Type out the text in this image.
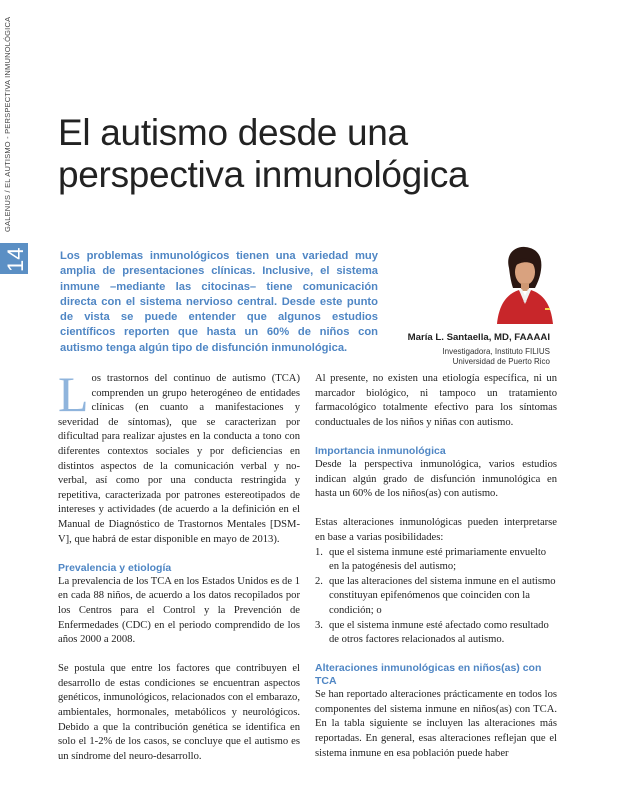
GALENUS / EL AUTISMO - PERSPECTIVA INMUNOLÓGICA
14
El autismo desde una
perspectiva inmunológica

Los problemas inmunológicos tienen una variedad muy amplia de presentaciones clínicas. Inclusive, el sistema inmune –mediante las citocinas– tiene comunicación directa con el sistema nervioso central. Desde este punto de vista se puede entender que algunos estudios científicos reporten que hasta un 60% de niños con autismo tenga algún tipo de disfunción inmunológica.

María L. Santaella, MD, FAAAAI
Investigadora, Instituto FILIUS
Universidad de Puerto Rico

Los trastornos del continuo de autismo (TCA) comprenden un grupo heterogéneo de entidades clínicas (en cuanto a manifestaciones y severidad de síntomas), que se caracterizan por dificultad para realizar ajustes en la conducta a tono con diferentes contextos sociales y por deficiencias en distintos aspectos de la comunicación verbal y no-verbal, así como por una conducta restringida y repetitiva, caracterizada por patrones estereotipados de intereses y actividades (de acuerdo a la definición en el Manual de Diagnóstico de Trastornos Mentales [DSM-V], que habrá de estar disponible en mayo de 2013).

Prevalencia y etiología

La prevalencia de los TCA en los Estados Unidos es de 1 en cada 88 niños, de acuerdo a los datos recopilados por los Centros para el Control y la Prevención de Enfermedades (CDC) en el periodo comprendido de los años 2000 a 2008.

Se postula que entre los factores que contribuyen el desarrollo de estas condiciones se encuentran aspectos genéticos, inmunológicos, relacionados con el embarazo, ambientales, hormonales, metabólicos y neurológicos. Debido a que la contribución genética se identifica en solo el 1-2% de los casos, se concluye que el autismo es un síndrome del neuro-desarrollo.

Al presente, no existen una etiología específica, ni un marcador biológico, ni tampoco un tratamiento farmacológico totalmente efectivo para los síntomas conductuales de los niños y niñas con autismo.

Importancia inmunológica

Desde la perspectiva inmunológica, varios estudios indican algún grado de disfunción inmunológica en hasta un 60% de los niños(as) con autismo.

Estas alteraciones inmunológicas pueden interpretarse en base a varias posibilidades:

1. que el sistema inmune esté primariamente envuelto en la patogénesis del autismo;
2. que las alteraciones del sistema inmune en el autismo constituyan epifenómenos que coinciden con la condición; o
3. que el sistema inmune esté afectado como resultado de otros factores relacionados al autismo.
Alteraciones inmunológicas en niños(as) con TCA

Se han reportado alteraciones prácticamente en todos los componentes del sistema inmune en niños(as) con TCA. En la tabla siguiente se incluyen las alteraciones más reportadas. En general, esas alteraciones reflejan que el sistema inmune en esa población puede haber
